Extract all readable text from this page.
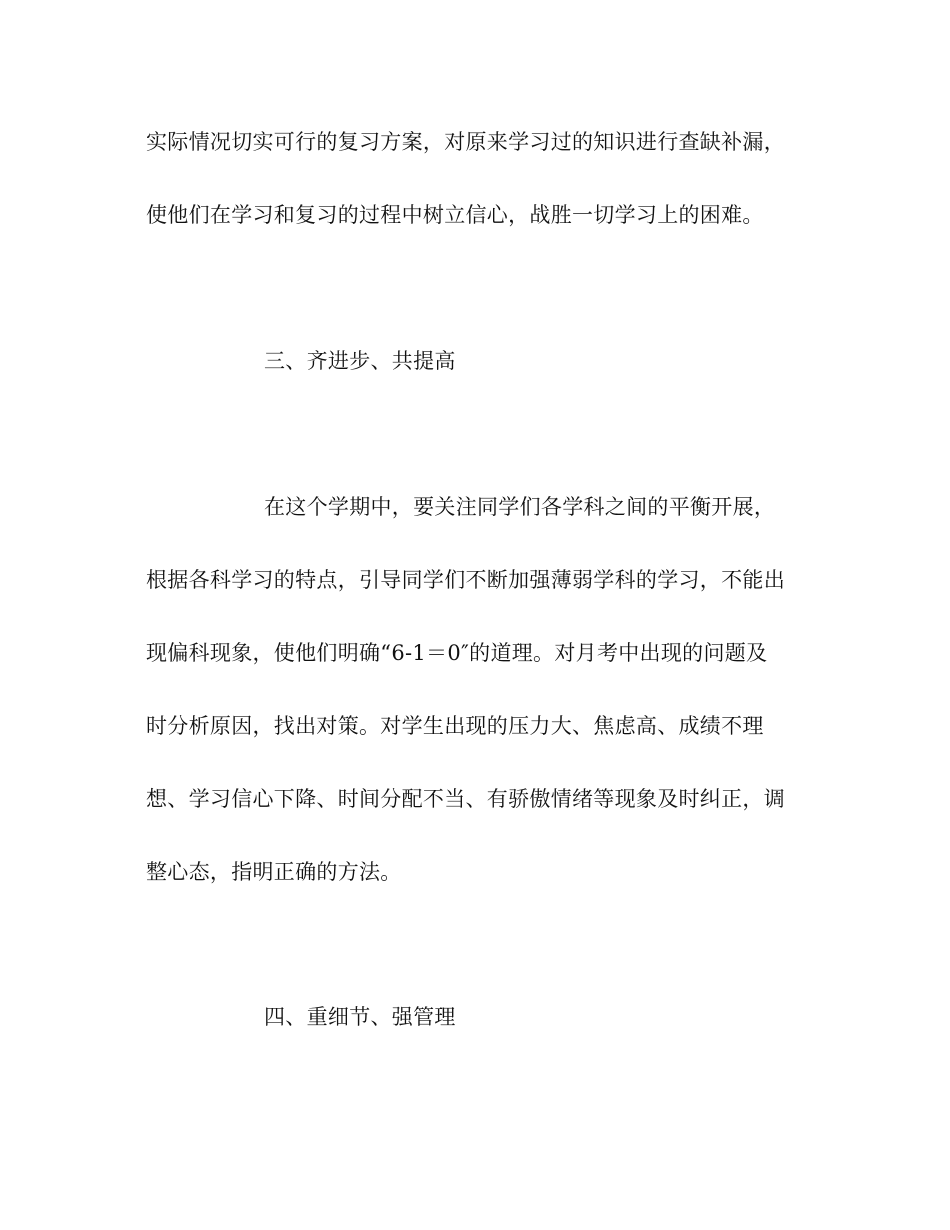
实际情况切实可行的复习方案，对原来学习过的知识进行查缺补漏，
使他们在学习和复习的过程中树立信心，战胜一切学习上的困难。
三、齐进步、共提高
在这个学期中，要关注同学们各学科之间的平衡开展，
根据各科学习的特点，引导同学们不断加强薄弱学科的学习，不能出
现偏科现象，使他们明确“6-1＝0″的道理。对月考中出现的问题及
时分析原因，找出对策。对学生出现的压力大、焦虑高、成绩不理
想、学习信心下降、时间分配不当、有骄傲情绪等现象及时纠正，调
整心态，指明正确的方法。
四、重细节、强管理
